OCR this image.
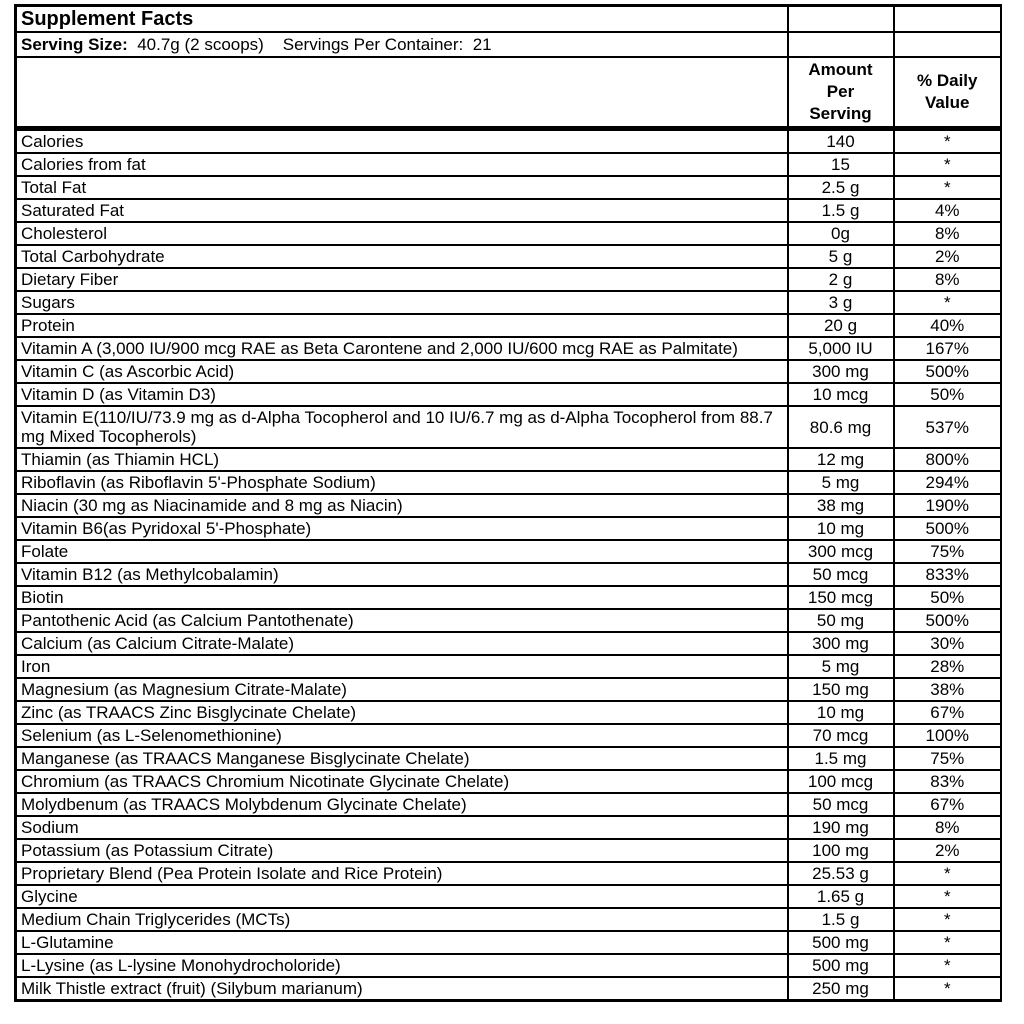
Supplement Facts		
Serving Size: 40.7g (2 scoops) Servings Per Container: 21		

	Amount Per Serving	% Daily Value

Calories	140	*
Calories from fat	15	*
Total Fat	2.5 g	*
Saturated Fat	1.5 g	4%
Cholesterol	0g	8%
Total Carbohydrate	5 g	2%
Dietary Fiber	2 g	8%
Sugars	3 g	*
Protein	20 g	40%
Vitamin A (3,000 IU/900 mcg RAE as Beta Carontene and 2,000 IU/600 mcg RAE as Palmitate)	5,000 IU	167%
Vitamin C (as Ascorbic Acid)	300 mg	500%
Vitamin D (as Vitamin D3)	10 mcg	50%
Vitamin E(110/IU/73.9 mg as d-Alpha Tocopherol and 10 IU/6.7 mg as d-Alpha Tocopherol from 88.7 mg Mixed Tocopherols)	80.6 mg	537%
Thiamin (as Thiamin HCL)	12 mg	800%
Riboflavin (as Riboflavin 5'-Phosphate Sodium)	5 mg	294%
Niacin (30 mg as Niacinamide and 8 mg as Niacin)	38 mg	190%
Vitamin B6(as Pyridoxal 5'-Phosphate)	10 mg	500%
Folate	300 mcg	75%
Vitamin B12 (as Methylcobalamin)	50 mcg	833%
Biotin	150 mcg	50%
Pantothenic Acid (as Calcium Pantothenate)	50 mg	500%
Calcium (as Calcium Citrate-Malate)	300 mg	30%
Iron	5 mg	28%
Magnesium (as Magnesium Citrate-Malate)	150 mg	38%
Zinc (as TRAACS Zinc Bisglycinate Chelate)	10 mg	67%
Selenium (as L-Selenomethionine)	70 mcg	100%
Manganese (as TRAACS Manganese Bisglycinate Chelate)	1.5 mg	75%
Chromium (as TRAACS Chromium Nicotinate Glycinate Chelate)	100 mcg	83%
Molydbenum (as TRAACS Molybdenum Glycinate Chelate)	50 mcg	67%
Sodium	190 mg	8%
Potassium (as Potassium Citrate)	100 mg	2%
Proprietary Blend (Pea Protein Isolate and Rice Protein)	25.53 g	*
Glycine	1.65 g	*
Medium Chain Triglycerides (MCTs)	1.5 g	*
L-Glutamine	500 mg	*
L-Lysine (as L-lysine Monohydrocholoride)	500 mg	*
Milk Thistle extract (fruit) (Silybum marianum)	250 mg	*
